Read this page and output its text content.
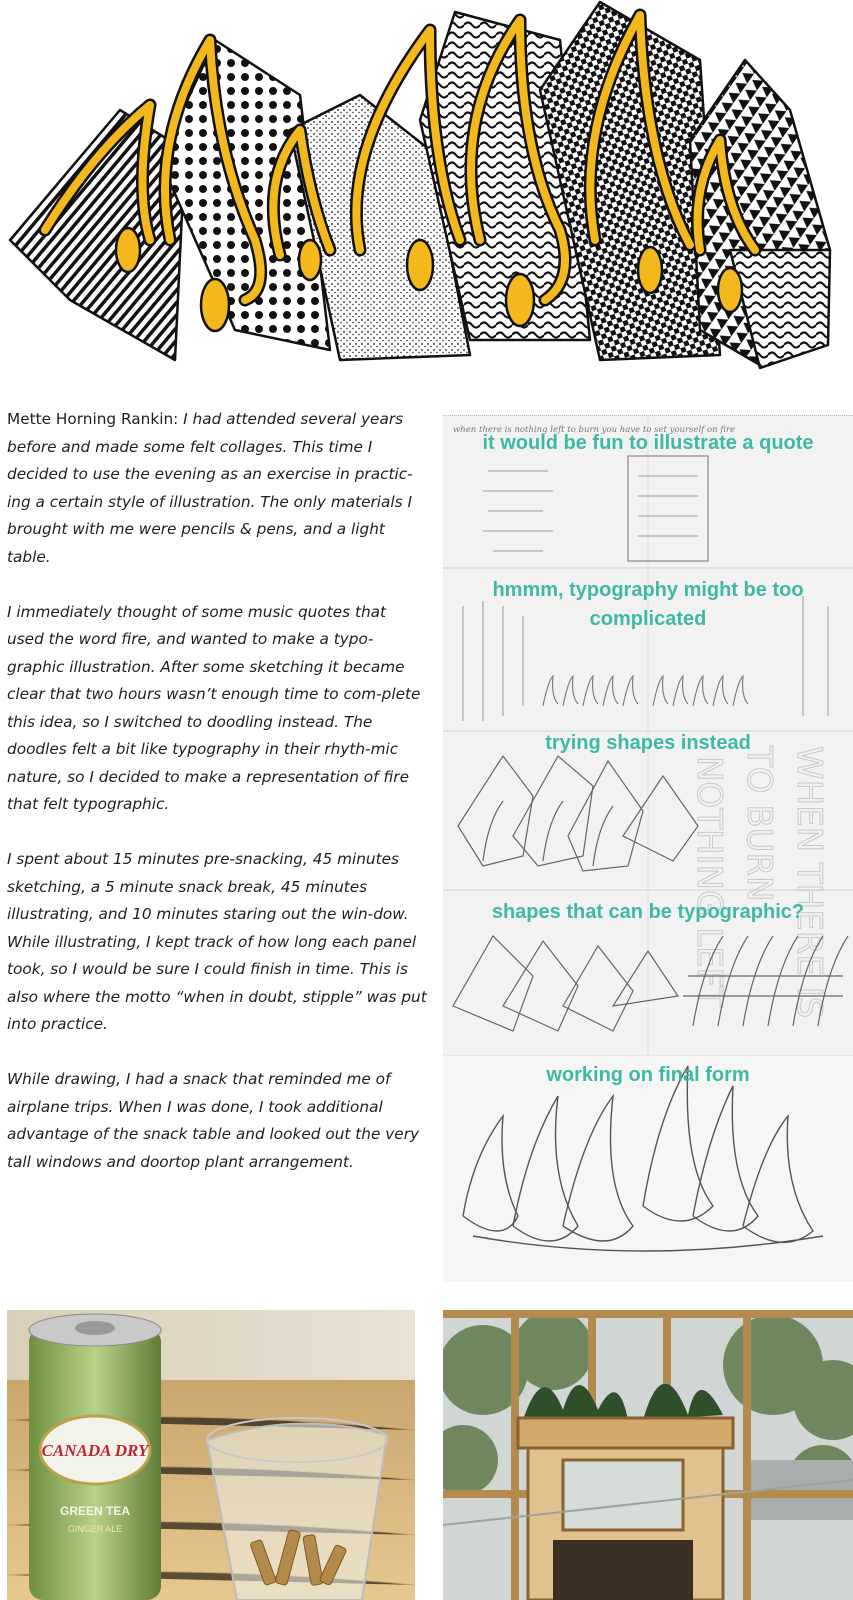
Mette Horning Rankin: I had attended several years before and made some felt collages. This time I decided to use the evening as an exercise in practic-ing a certain style of illustration. The only materials I brought with me were pencils & pens, and a light table.

I immediately thought of some music quotes that used the word fire, and wanted to make a typo-graphic illustration. After some sketching it became clear that two hours wasn’t enough time to com-plete this idea, so I switched to doodling instead. The doodles felt a bit like typography in their rhyth-mic nature, so I decided to make a representation of fire that felt typographic.

I spent about 15 minutes pre-snacking, 45 minutes sketching, a 5 minute snack break, 45 minutes illustrating, and 10 minutes staring out the win-dow. While illustrating, I kept track of how long each panel took, so I would be sure I could finish in time. This is also where the motto “when in doubt, stipple” was put into practice.

While drawing, I had a snack that reminded me of airplane trips. When I was done, I took additional advantage of the snack table and looked out the very tall windows and doortop plant arrangement.

when there is nothing left to burn you have to set yourself on fire
NOTHING LEFT TO BURN WHEN THERE IS
it would be fun to illustrate a quote
hmmm, typography might be too complicated
trying shapes instead
shapes that can be typographic?
working on final form
CANADA DRY
GREEN TEA
GINGER ALE
